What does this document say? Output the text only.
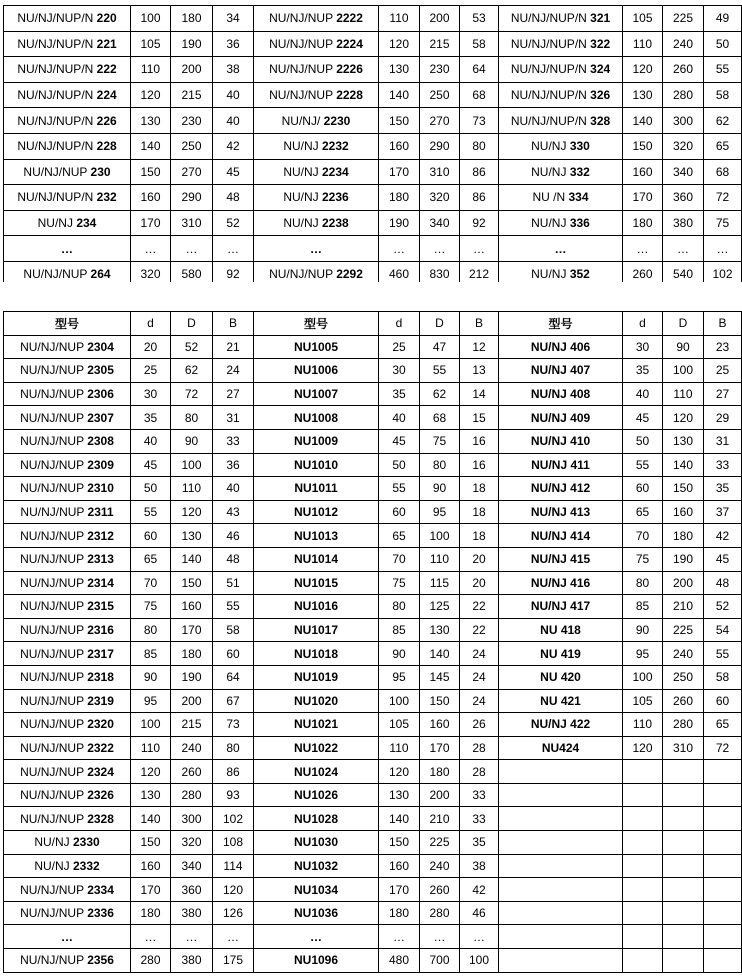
NU/NJ/NUP/N 220	100	180	34	NU/NJ/NUP 2222	110	200	53	NU/NJ/NUP/N 321	105	225	49
NU/NJ/NUP/N 221	105	190	36	NU/NJ/NUP 2224	120	215	58	NU/NJ/NUP/N 322	110	240	50
NU/NJ/NUP/N 222	110	200	38	NU/NJ/NUP 2226	130	230	64	NU/NJ/NUP/N 324	120	260	55
NU/NJ/NUP/N 224	120	215	40	NU/NJ/NUP 2228	140	250	68	NU/NJ/NUP/N 326	130	280	58
NU/NJ/NUP/N 226	130	230	40	NU/NJ/ 2230	150	270	73	NU/NJ/NUP/N 328	140	300	62
NU/NJ/NUP/N 228	140	250	42	NU/NJ 2232	160	290	80	NU/NJ 330	150	320	65
NU/NJ/NUP 230	150	270	45	NU/NJ 2234	170	310	86	NU/NJ 332	160	340	68
NU/NJ/NUP/N 232	160	290	48	NU/NJ 2236	180	320	86	NU /N 334	170	360	72
NU/NJ 234	170	310	52	NU/NJ 2238	190	340	92	NU/NJ 336	180	380	75
…	…	…	…	…	…	…	…	…	…	…	…
NU/NJ/NUP 264	320	580	92	NU/NJ/NUP 2292	460	830	212	NU/NJ 352	260	540	102
型号	d	D	B	型号	d	D	B	型号	d	D	B
NU/NJ/NUP 2304	20	52	21	NU1005	25	47	12	NU/NJ 406	30	90	23
NU/NJ/NUP 2305	25	62	24	NU1006	30	55	13	NU/NJ 407	35	100	25
NU/NJ/NUP 2306	30	72	27	NU1007	35	62	14	NU/NJ 408	40	110	27
NU/NJ/NUP 2307	35	80	31	NU1008	40	68	15	NU/NJ 409	45	120	29
NU/NJ/NUP 2308	40	90	33	NU1009	45	75	16	NU/NJ 410	50	130	31
NU/NJ/NUP 2309	45	100	36	NU1010	50	80	16	NU/NJ 411	55	140	33
NU/NJ/NUP 2310	50	110	40	NU1011	55	90	18	NU/NJ 412	60	150	35
NU/NJ/NUP 2311	55	120	43	NU1012	60	95	18	NU/NJ 413	65	160	37
NU/NJ/NUP 2312	60	130	46	NU1013	65	100	18	NU/NJ 414	70	180	42
NU/NJ/NUP 2313	65	140	48	NU1014	70	110	20	NU/NJ 415	75	190	45
NU/NJ/NUP 2314	70	150	51	NU1015	75	115	20	NU/NJ 416	80	200	48
NU/NJ/NUP 2315	75	160	55	NU1016	80	125	22	NU/NJ 417	85	210	52
NU/NJ/NUP 2316	80	170	58	NU1017	85	130	22	NU 418	90	225	54
NU/NJ/NUP 2317	85	180	60	NU1018	90	140	24	NU 419	95	240	55
NU/NJ/NUP 2318	90	190	64	NU1019	95	145	24	NU 420	100	250	58
NU/NJ/NUP 2319	95	200	67	NU1020	100	150	24	NU 421	105	260	60
NU/NJ/NUP 2320	100	215	73	NU1021	105	160	26	NU/NJ 422	110	280	65
NU/NJ/NUP 2322	110	240	80	NU1022	110	170	28	NU424	120	310	72
NU/NJ/NUP 2324	120	260	86	NU1024	120	180	28				
NU/NJ/NUP 2326	130	280	93	NU1026	130	200	33				
NU/NJ/NUP 2328	140	300	102	NU1028	140	210	33				
NU/NJ 2330	150	320	108	NU1030	150	225	35				
NU/NJ 2332	160	340	114	NU1032	160	240	38				
NU/NJ/NUP 2334	170	360	120	NU1034	170	260	42				
NU/NJ/NUP 2336	180	380	126	NU1036	180	280	46				
…	…	…	…	…	…	…	…				
NU/NJ/NUP 2356	280	380	175	NU1096	480	700	100				
